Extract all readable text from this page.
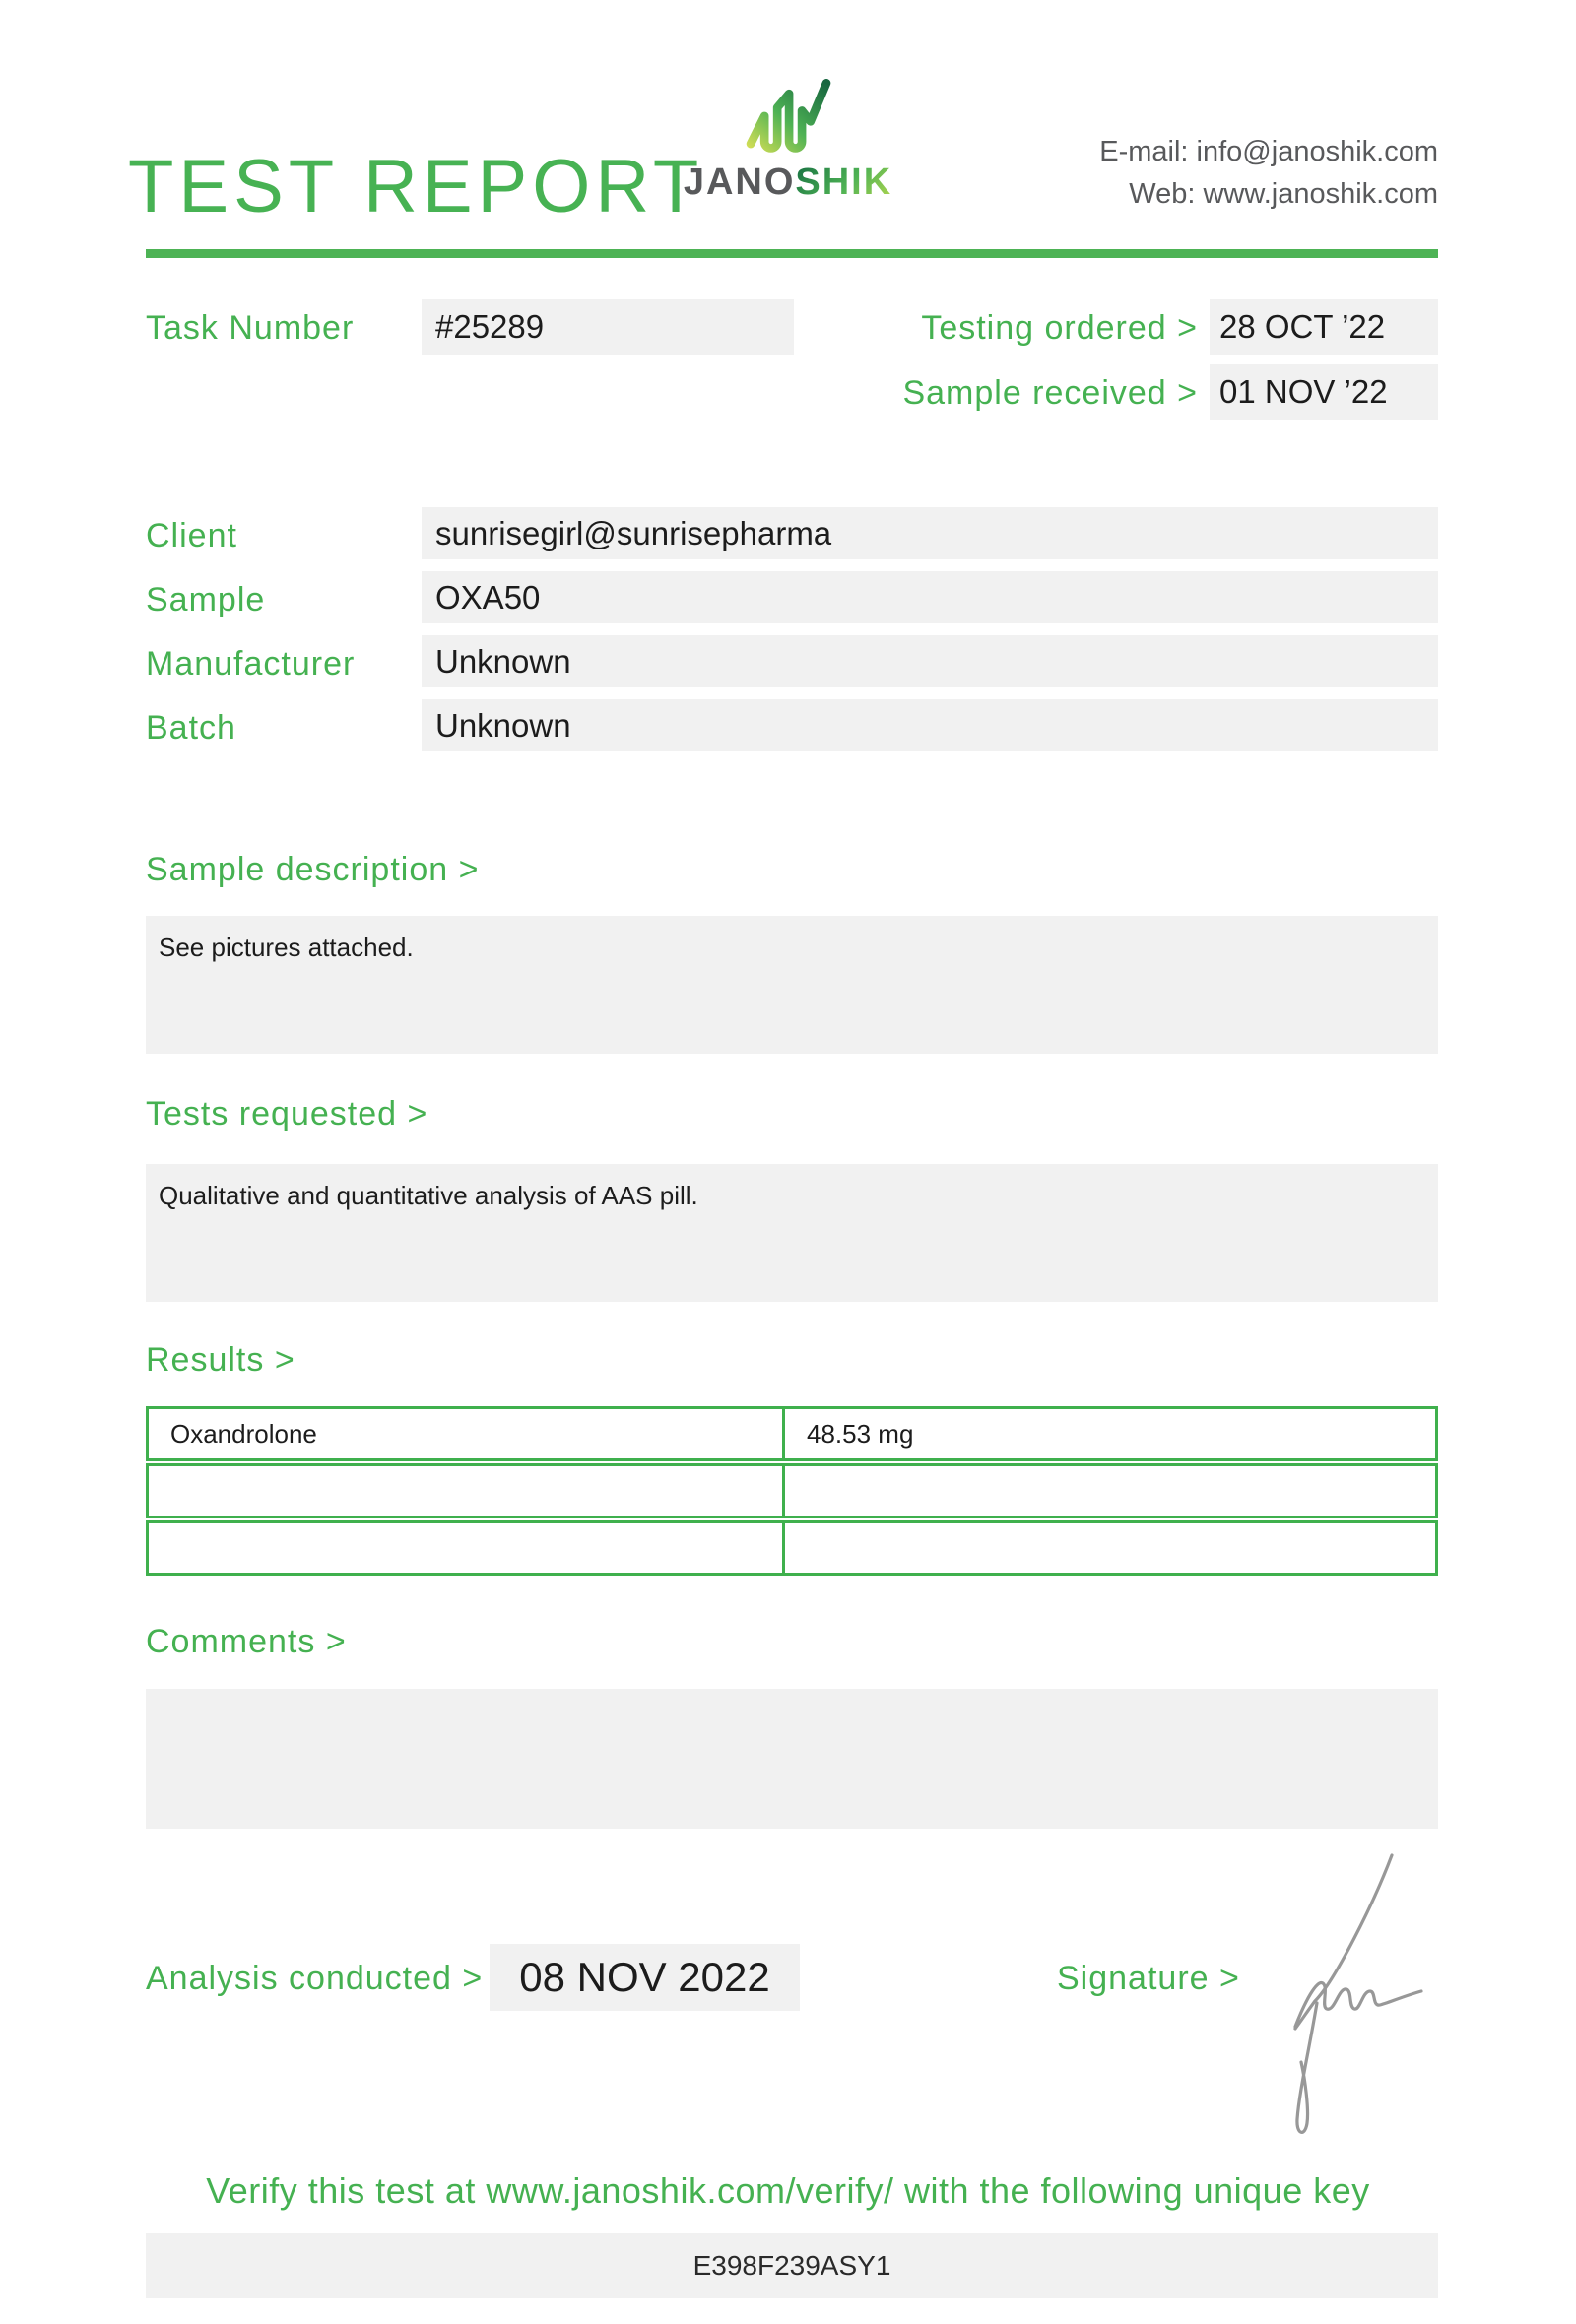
TEST REPORT
JANOSHIK
E-mail: info@janoshik.com
Web: www.janoshik.com
Task Number	#25289	Testing ordered > 28 OCT ’22
Sample received > 01 NOV ’22
Client	sunrisegirl@sunrisepharma
Sample	OXA50
Manufacturer	Unknown
Batch	Unknown
Sample description >
See pictures attached.
Tests requested >
Qualitative and quantitative analysis of AAS pill.
Results >
Oxandrolone	48.53 mg
Comments >
Analysis conducted > 08 NOV 2022	Signature >
Verify this test at www.janoshik.com/verify/ with the following unique key
E398F239ASY1
